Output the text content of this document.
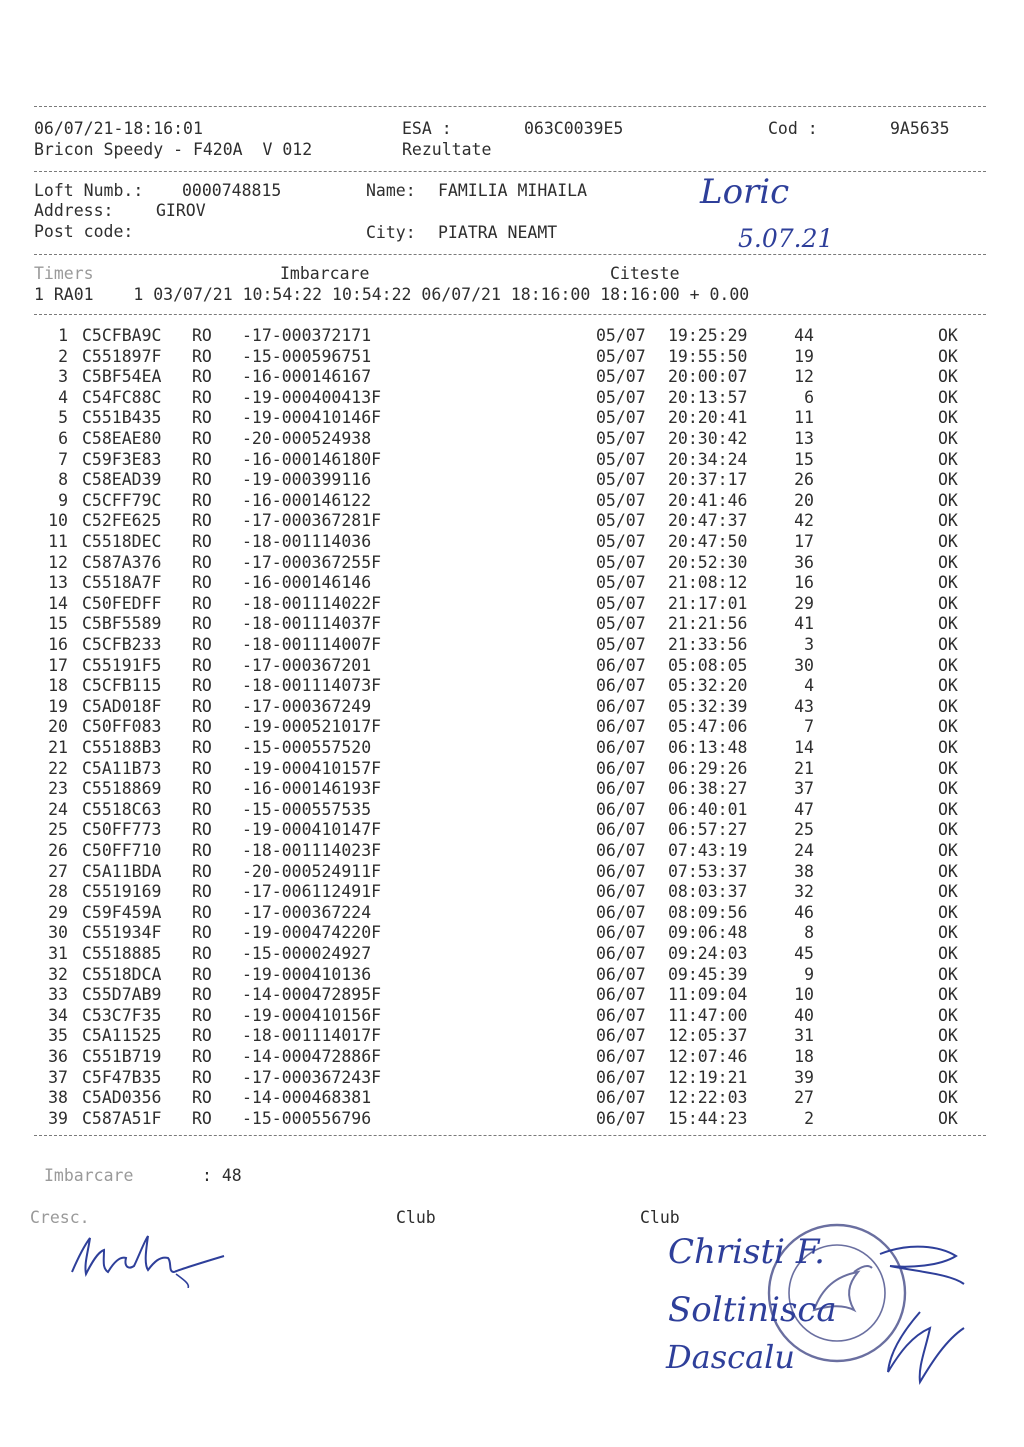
06/07/21-18:16:01	ESA :	063C0039E5	Cod :	9A5635
Bricon Speedy - F420A  V 012	Rezultate
Loft Numb.: 0000748815	Name: FAMILIA MIHAILA
Address:	GIROV
Post code:	City: PIATRA NEAMT
Loric
5.07.21
Timers	Imbarcare	Citeste
1 RA01    1 03/07/21 10:54:22 10:54:22 06/07/21 18:16:00 18:16:00 + 0.00
1 C5CFBA9C RO -17-000372171	05/07 19:25:29	44	OK
2 C551897F RO -15-000596751	05/07 19:55:50	19	OK
3 C5BF54EA RO -16-000146167	05/07 20:00:07	12	OK
4 C54FC88C RO -19-000400413F	05/07 20:13:57	6	OK
5 C551B435 RO -19-000410146F	05/07 20:20:41	11	OK
6 C58EAE80 RO -20-000524938	05/07 20:30:42	13	OK
7 C59F3E83 RO -16-000146180F	05/07 20:34:24	15	OK
8 C58EAD39 RO -19-000399116	05/07 20:37:17	26	OK
9 C5CFF79C RO -16-000146122	05/07 20:41:46	20	OK
10 C52FE625 RO -17-000367281F	05/07 20:47:37	42	OK
11 C5518DEC RO -18-001114036	05/07 20:47:50	17	OK
12 C587A376 RO -17-000367255F	05/07 20:52:30	36	OK
13 C5518A7F RO -16-000146146	05/07 21:08:12	16	OK
14 C50FEDFF RO -18-001114022F	05/07 21:17:01	29	OK
15 C5BF5589 RO -18-001114037F	05/07 21:21:56	41	OK
16 C5CFB233 RO -18-001114007F	05/07 21:33:56	3	OK
17 C55191F5 RO -17-000367201	06/07 05:08:05	30	OK
18 C5CFB115 RO -18-001114073F	06/07 05:32:20	4	OK
19 C5AD018F RO -17-000367249	06/07 05:32:39	43	OK
20 C50FF083 RO -19-000521017F	06/07 05:47:06	7	OK
21 C55188B3 RO -15-000557520	06/07 06:13:48	14	OK
22 C5A11B73 RO -19-000410157F	06/07 06:29:26	21	OK
23 C5518869 RO -16-000146193F	06/07 06:38:27	37	OK
24 C5518C63 RO -15-000557535	06/07 06:40:01	47	OK
25 C50FF773 RO -19-000410147F	06/07 06:57:27	25	OK
26 C50FF710 RO -18-001114023F	06/07 07:43:19	24	OK
27 C5A11BDA RO -20-000524911F	06/07 07:53:37	38	OK
28 C5519169 RO -17-006112491F	06/07 08:03:37	32	OK
29 C59F459A RO -17-000367224	06/07 08:09:56	46	OK
30 C551934F RO -19-000474220F	06/07 09:06:48	8	OK
31 C5518885 RO -15-000024927	06/07 09:24:03	45	OK
32 C5518DCA RO -19-000410136	06/07 09:45:39	9	OK
33 C55D7AB9 RO -14-000472895F	06/07 11:09:04	10	OK
34 C53C7F35 RO -19-000410156F	06/07 11:47:00	40	OK
35 C5A11525 RO -18-001114017F	06/07 12:05:37	31	OK
36 C551B719 RO -14-000472886F	06/07 12:07:46	18	OK
37 C5F47B35 RO -17-000367243F	06/07 12:19:21	39	OK
38 C5AD0356 RO -14-000468381	06/07 12:22:03	27	OK
39 C587A51F RO -15-000556796	06/07 15:44:23	2	OK
Imbarcare	: 48
Cresc.	Club	Club
Christi F.
Soltinisca
Dascalu
